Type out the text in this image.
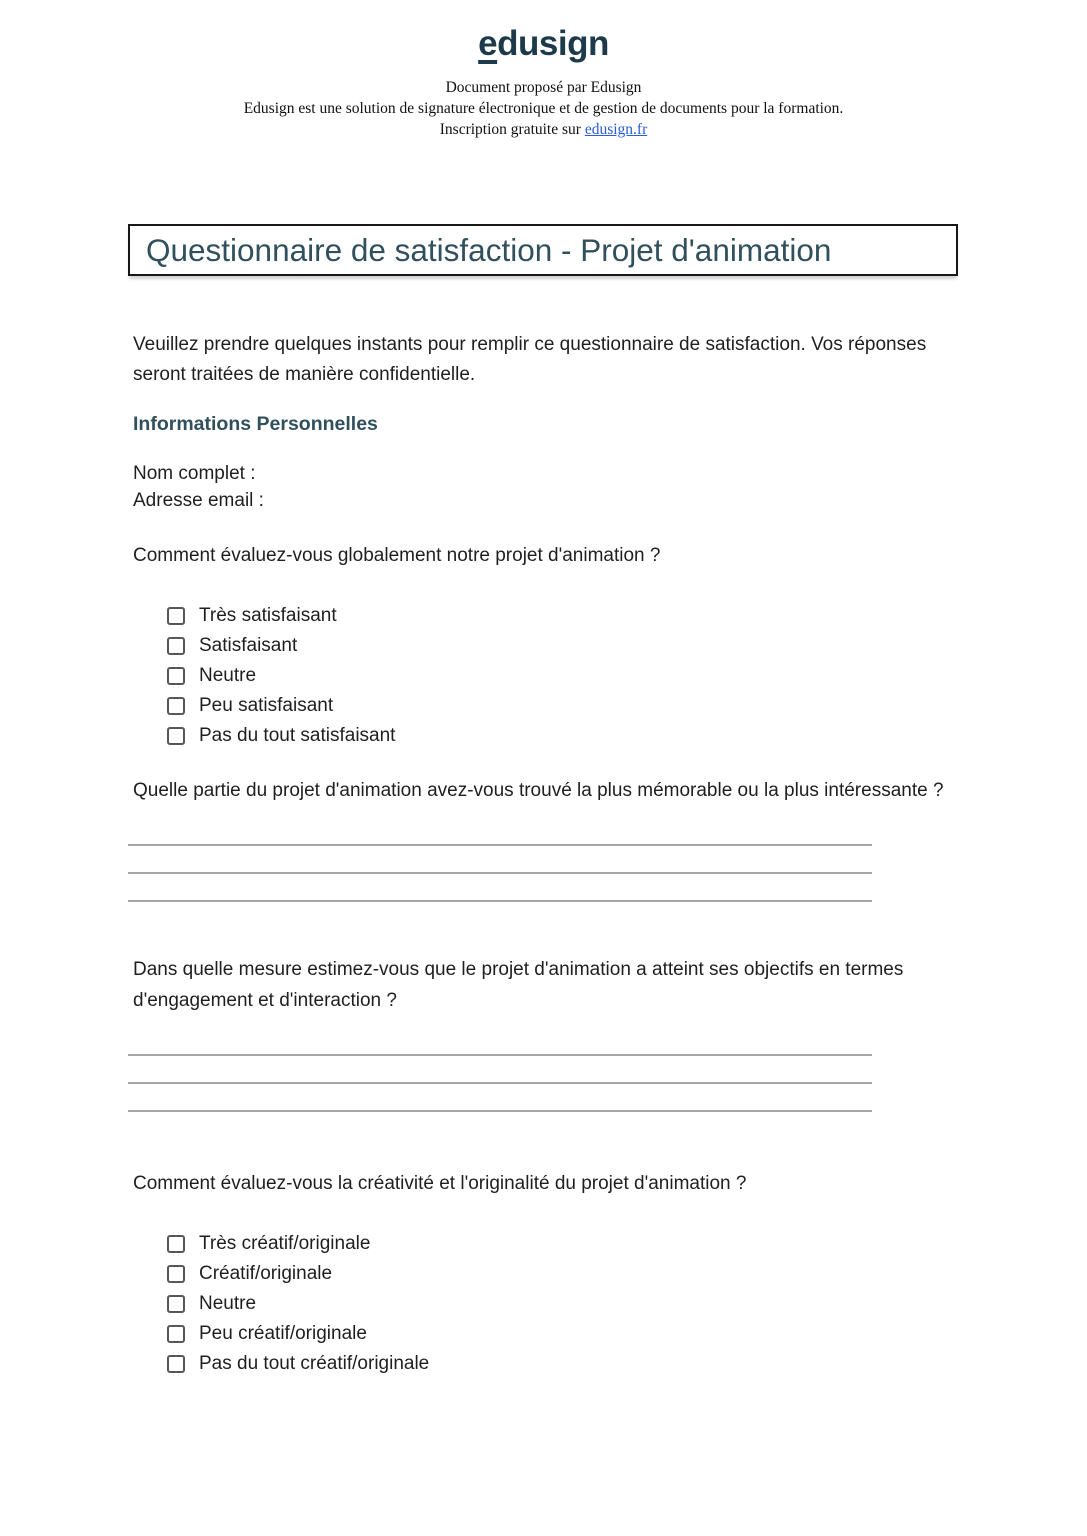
edusign
Document proposé par Edusign
Edusign est une solution de signature électronique et de gestion de documents pour la formation.
Inscription gratuite sur edusign.fr
Questionnaire de satisfaction - Projet d'animation
Veuillez prendre quelques instants pour remplir ce questionnaire de satisfaction. Vos réponses seront traitées de manière confidentielle.
Informations Personnelles
Nom complet :
Adresse email :
Comment évaluez-vous globalement notre projet d'animation ?
Très satisfaisant
Satisfaisant
Neutre
Peu satisfaisant
Pas du tout satisfaisant
Quelle partie du projet d'animation avez-vous trouvé la plus mémorable ou la plus intéressante ?
Dans quelle mesure estimez-vous que le projet d'animation a atteint ses objectifs en termes d'engagement et d'interaction ?
Comment évaluez-vous la créativité et l'originalité du projet d'animation ?
Très créatif/originale
Créatif/originale
Neutre
Peu créatif/originale
Pas du tout créatif/originale
